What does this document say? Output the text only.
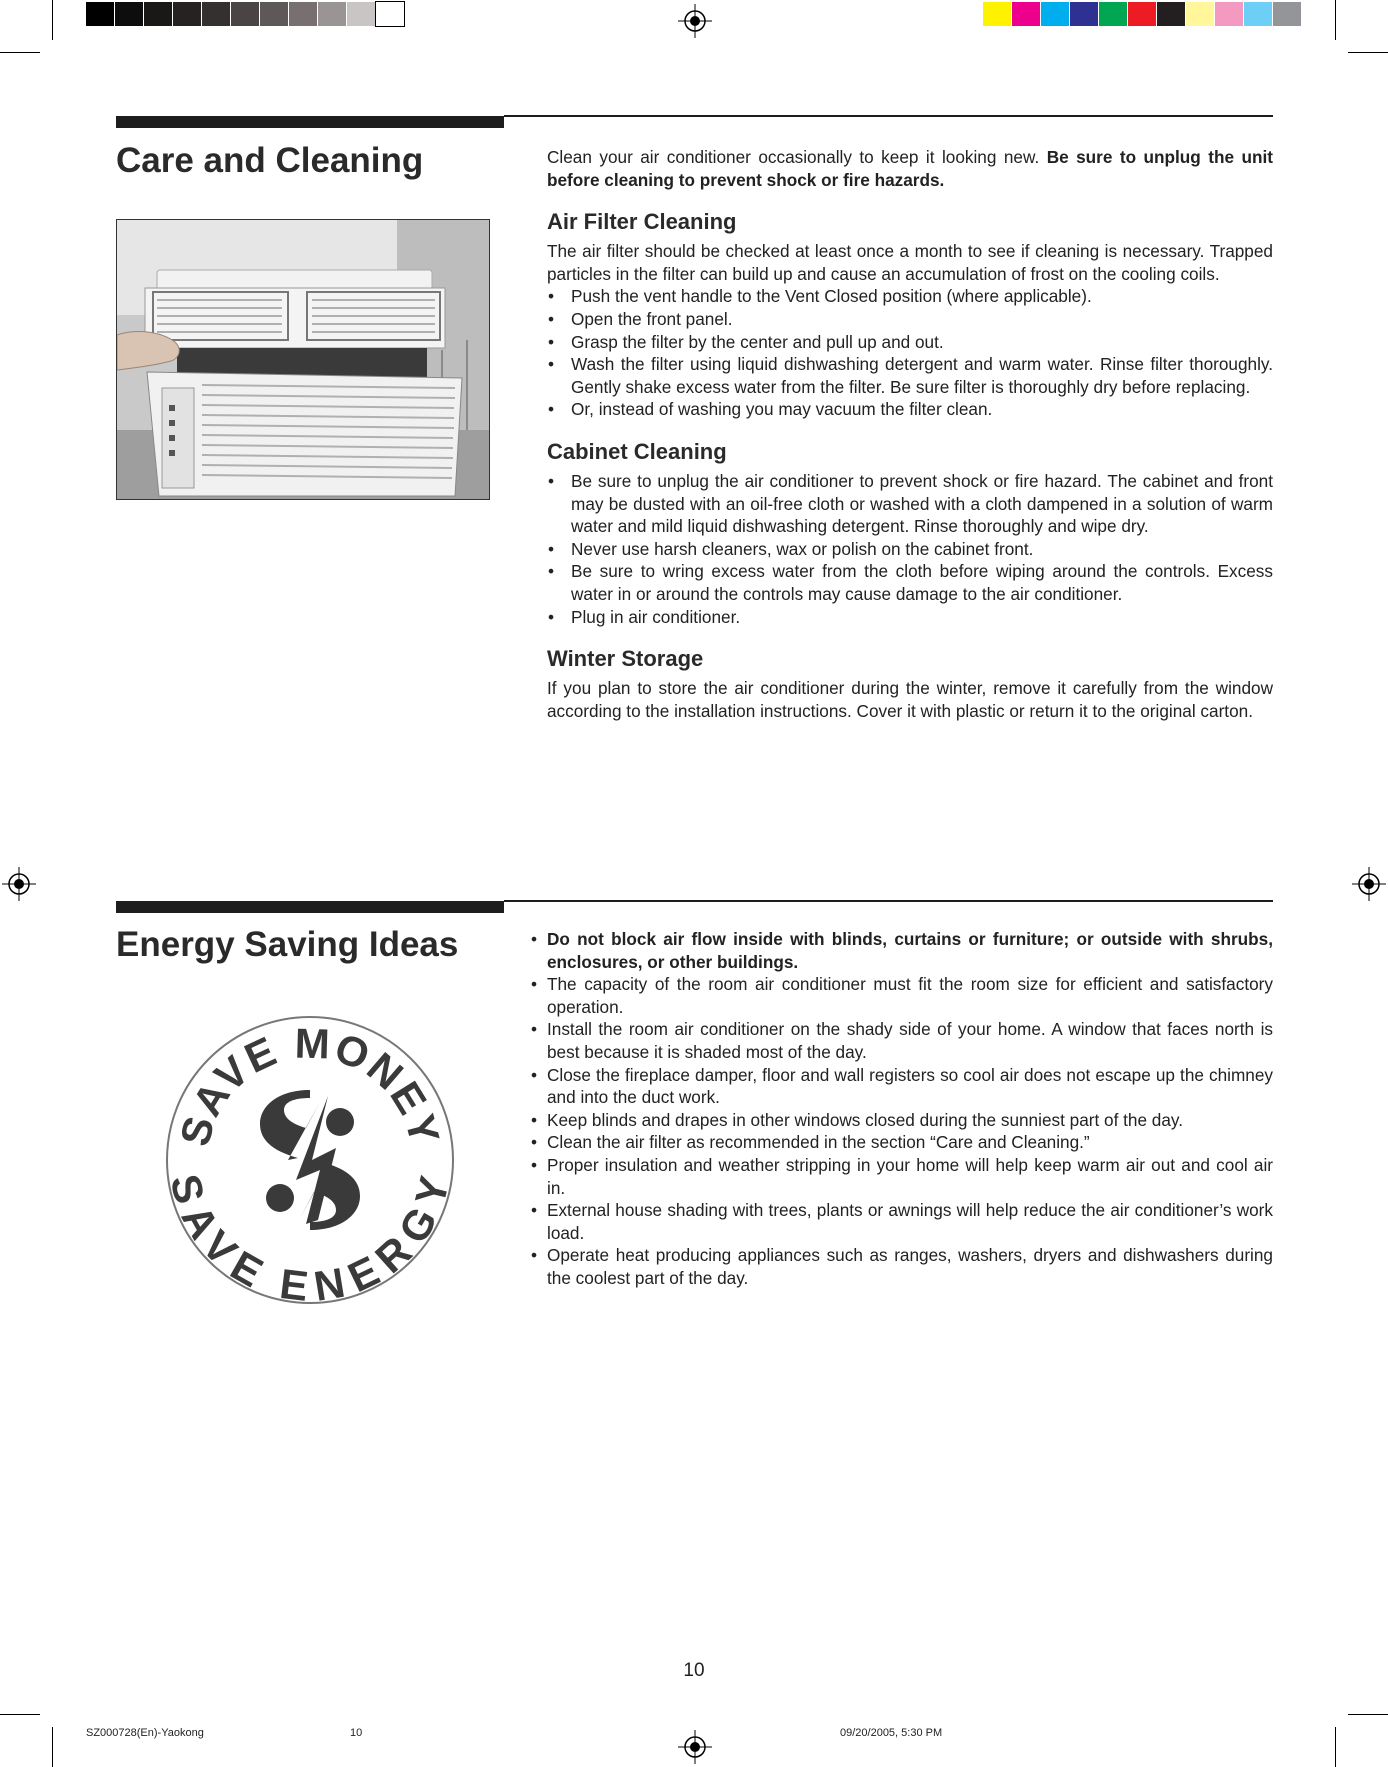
Care and Cleaning	Clean your air conditioner occasionally to keep it looking new. Be sure to unplug the unit before cleaning to prevent shock or fire hazards.

Air Filter Cleaning

The air filter should be checked at least once a month to see if cleaning is necessary. Trapped particles in the filter can build up and cause an accumulation of frost on the cooling coils.

• Push the vent handle to the Vent Closed position (where applicable).
• Open the front panel.
• Grasp the filter by the center and pull up and out.
• Wash the filter using liquid dishwashing detergent and warm water. Rinse filter thoroughly. Gently shake excess water from the filter. Be sure filter is thoroughly dry before replacing.
• Or, instead of washing you may vacuum the filter clean.
Cabinet Cleaning
• Be sure to unplug the air conditioner to prevent shock or fire hazard. The cabinet and front may be dusted with an oil-free cloth or washed with a cloth dampened in a solution of warm water and mild liquid dishwashing detergent. Rinse thoroughly and wipe dry.
• Never use harsh cleaners, wax or polish on the cabinet front.
• Be sure to wring excess water from the cloth before wiping around the controls. Excess water in or around the controls may cause damage to the air conditioner.
• Plug in air conditioner.
Winter Storage

If you plan to store the air conditioner during the winter, remove it carefully from the window according to the installation instructions. Cover it with plastic or return it to the original carton.

Energy Saving Ideas
SAVE MONEY
SAVE ENERGY
• Do not block air flow inside with blinds, curtains or furniture; or outside with shrubs, enclosures, or other buildings.
• The capacity of the room air conditioner must fit the room size for efficient and satisfactory operation.
• Install the room air conditioner on the shady side of your home. A window that faces north is best because it is shaded most of the day.
• Close the fireplace damper, floor and wall registers so cool air does not escape up the chimney and into the duct work.
• Keep blinds and drapes in other windows closed during the sunniest part of the day.
• Clean the air filter as recommended in the section “Care and Cleaning.”
• Proper insulation and weather stripping in your home will help keep warm air out and cool air in.
• External house shading with trees, plants or awnings will help reduce the air conditioner’s work load.
• Operate heat producing appliances such as ranges, washers, dryers and dishwashers during the coolest part of the day.
10
SZ000728(En)-Yaokong	10	09/20/2005, 5:30 PM
